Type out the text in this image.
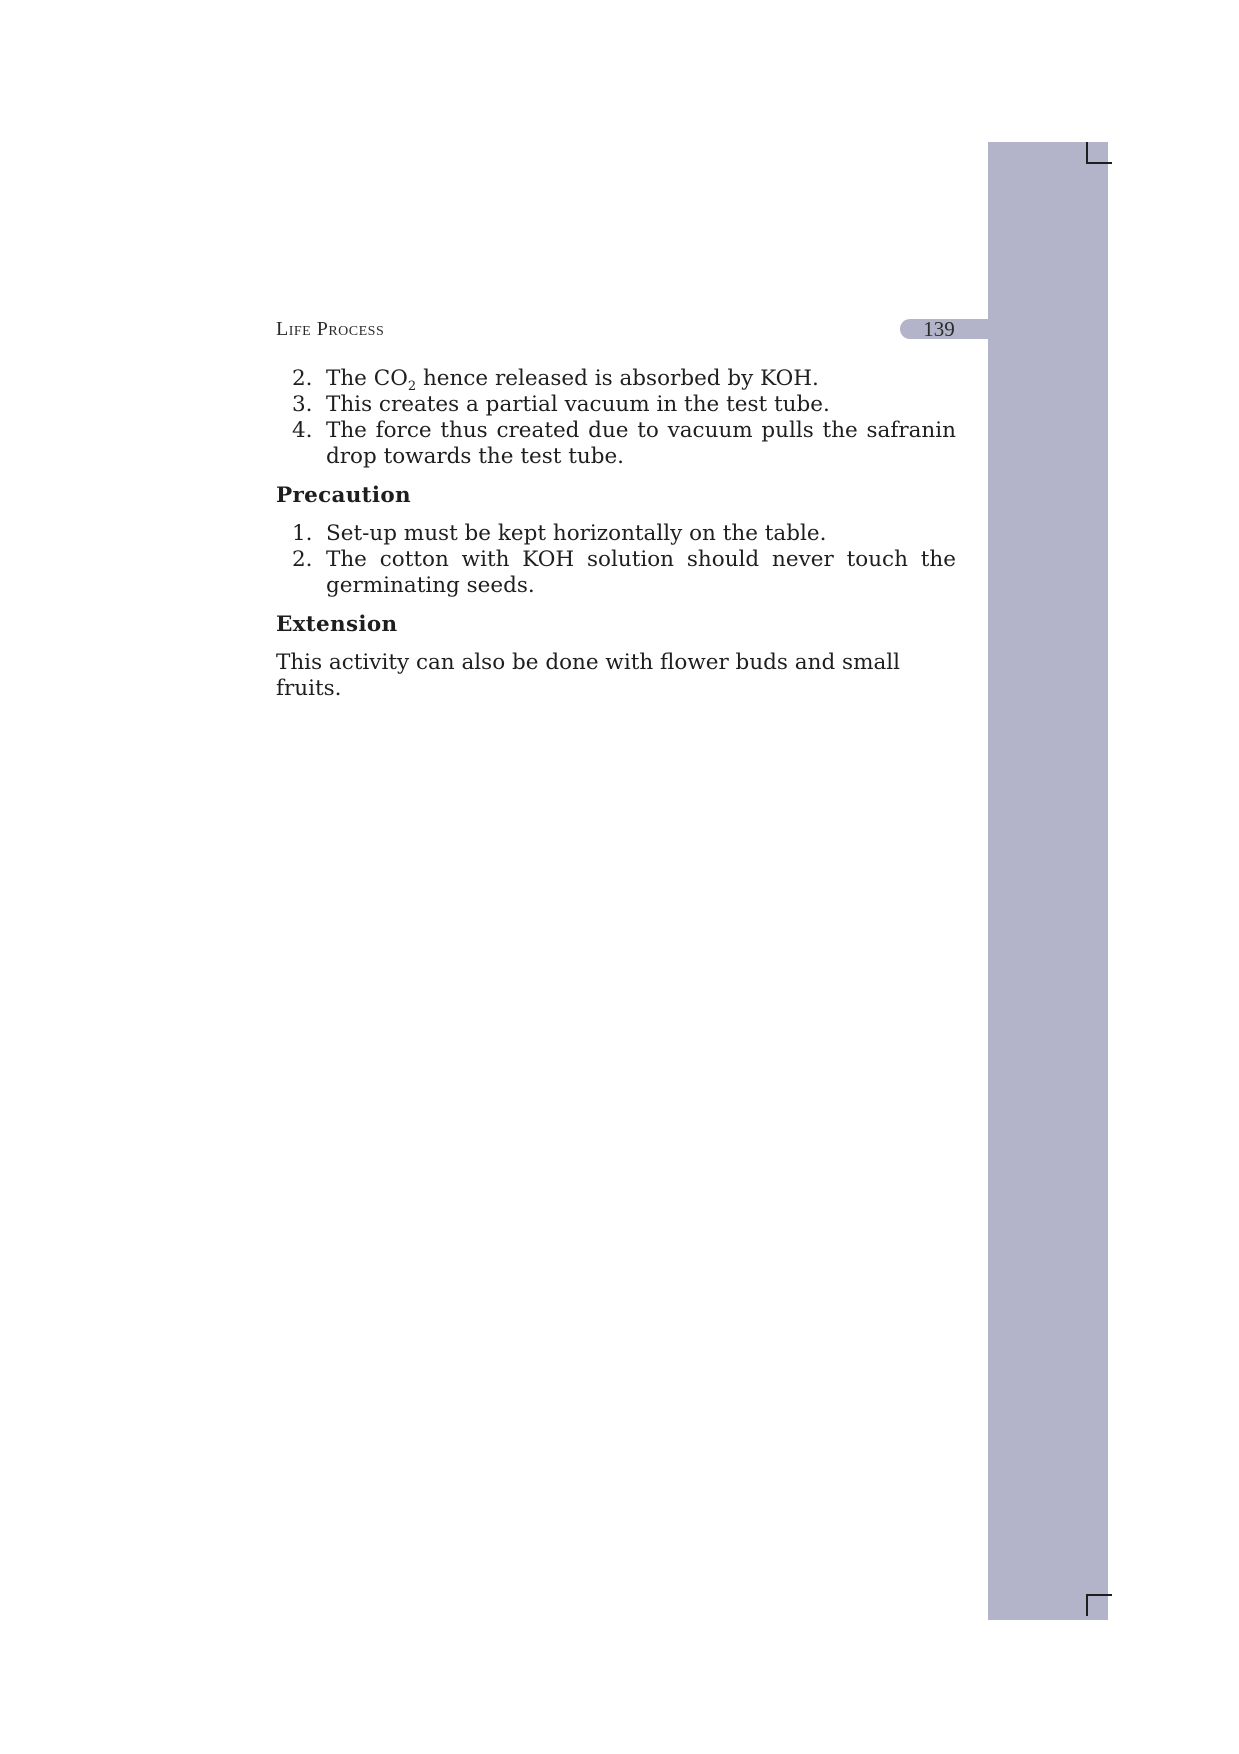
Life Process	139
2. The $CO_2$ hence released is absorbed by KOH.
3. This creates a partial vacuum in the test tube.
4. The force thus created due to vacuum pulls the safranin drop towards the test tube.
Precaution
1. Set-up must be kept horizontally on the table.
2. The cotton with KOH solution should never touch the germinating seeds.
Extension

This activity can also be done with flower buds and small fruits.
